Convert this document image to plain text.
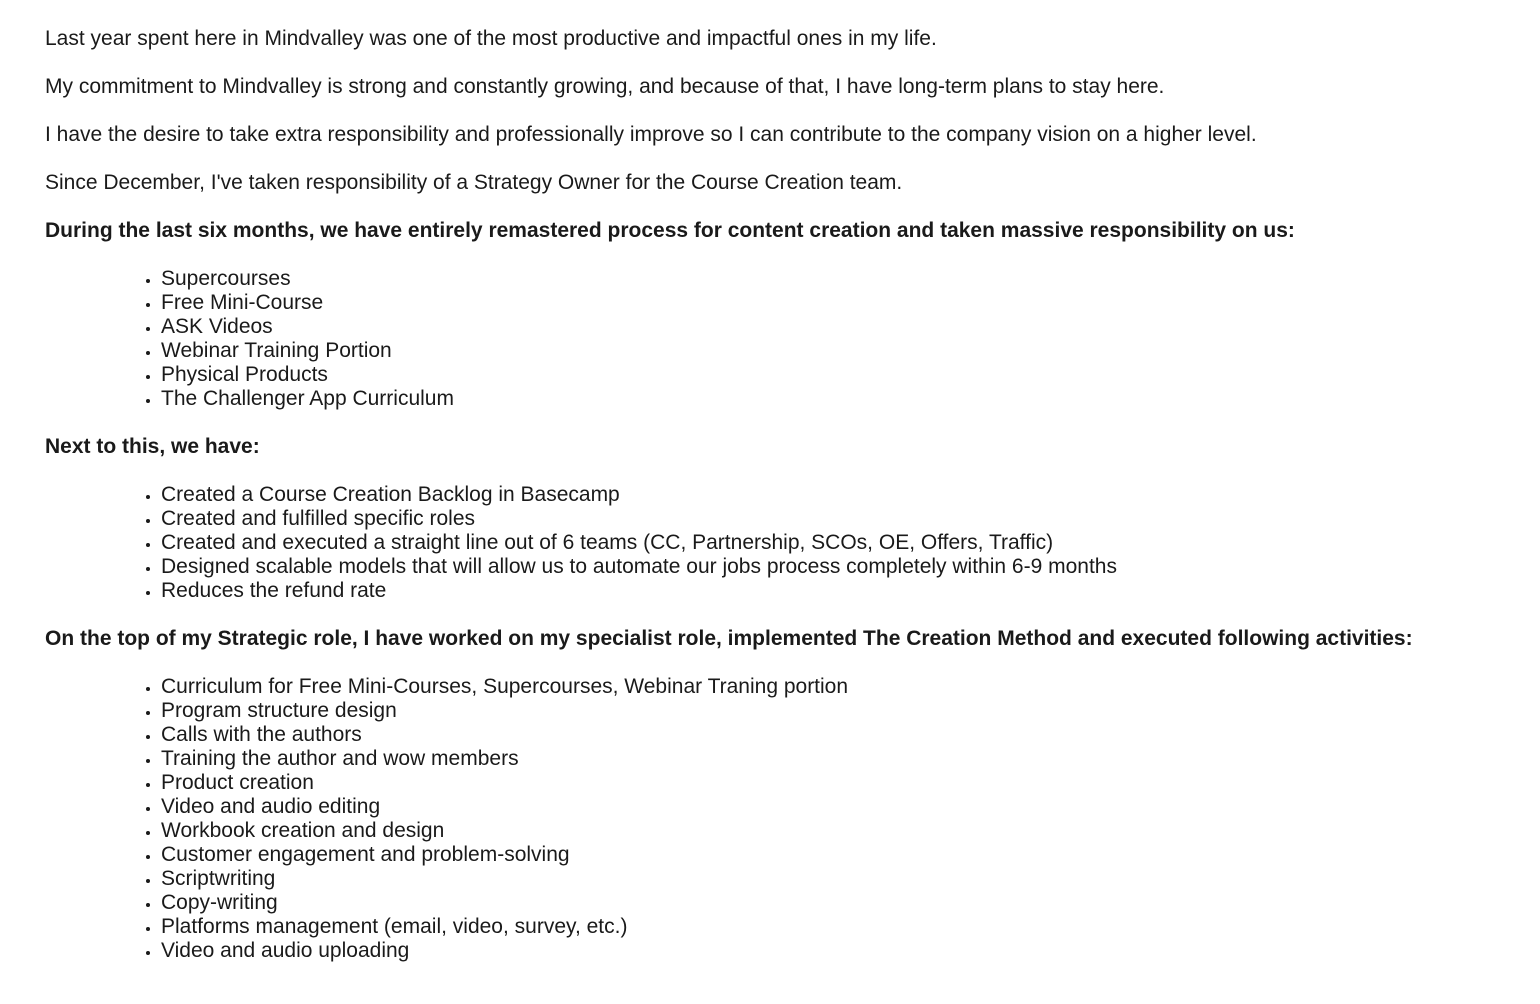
Last year spent here in Mindvalley was one of the most productive and impactful ones in my life.

My commitment to Mindvalley is strong and constantly growing, and because of that, I have long-term plans to stay here.

I have the desire to take extra responsibility and professionally improve so I can contribute to the company vision on a higher level.

Since December, I've taken responsibility of a Strategy Owner for the Course Creation team.

During the last six months, we have entirely remastered process for content creation and taken massive responsibility on us:
• Supercourses
• Free Mini-Course
• ASK Videos
• Webinar Training Portion
• Physical Products
• The Challenger App Curriculum
Next to this, we have:
• Created a Course Creation Backlog in Basecamp
• Created and fulfilled specific roles
• Created and executed a straight line out of 6 teams (CC, Partnership, SCOs, OE, Offers, Traffic)
• Designed scalable models that will allow us to automate our jobs process completely within 6-9 months
• Reduces the refund rate
On the top of my Strategic role, I have worked on my specialist role, implemented The Creation Method and executed following activities:
• Curriculum for Free Mini-Courses, Supercourses, Webinar Traning portion
• Program structure design
• Calls with the authors
• Training the author and wow members
• Product creation
• Video and audio editing
• Workbook creation and design
• Customer engagement and problem-solving
• Scriptwriting
• Copy-writing
• Platforms management (email, video, survey, etc.)
• Video and audio uploading
